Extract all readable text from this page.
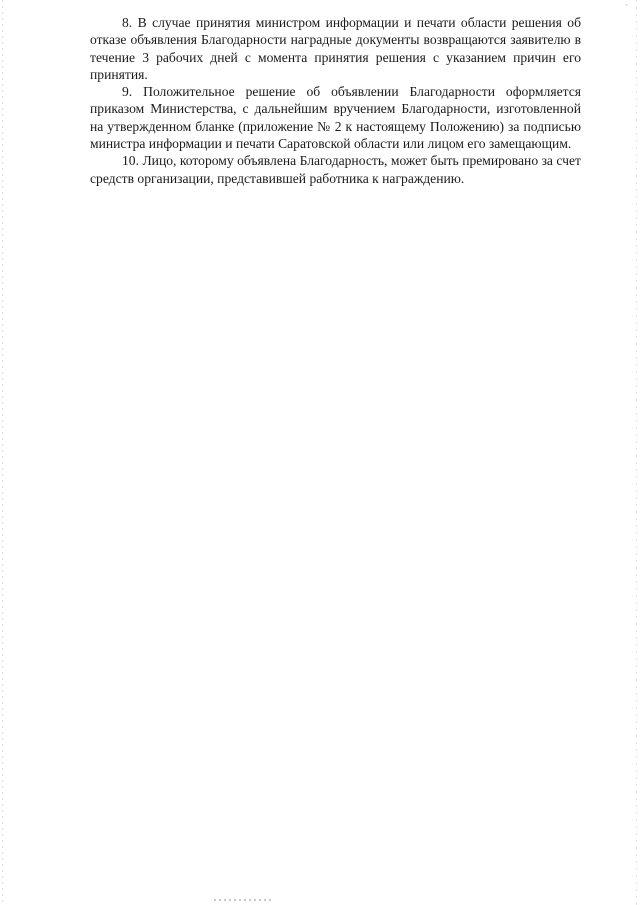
ᵣ

8. В случае принятия министром информации и печати области решения об отказе объявления Благодарности наградные документы возвращаются заявителю в течение 3 рабочих дней с момента принятия решения с указанием причин его принятия.

9. Положительное решение об объявлении Благодарности оформляется приказом Министерства, с дальнейшим вручением Благодарности, изготовленной на утвержденном бланке (приложение № 2 к настоящему Положению) за подписью министра информации и печати Саратовской области или лицом его замещающим.

10. Лицо, которому объявлена Благодарность, может быть премировано за счет средств организации, представившей работника к награждению.
